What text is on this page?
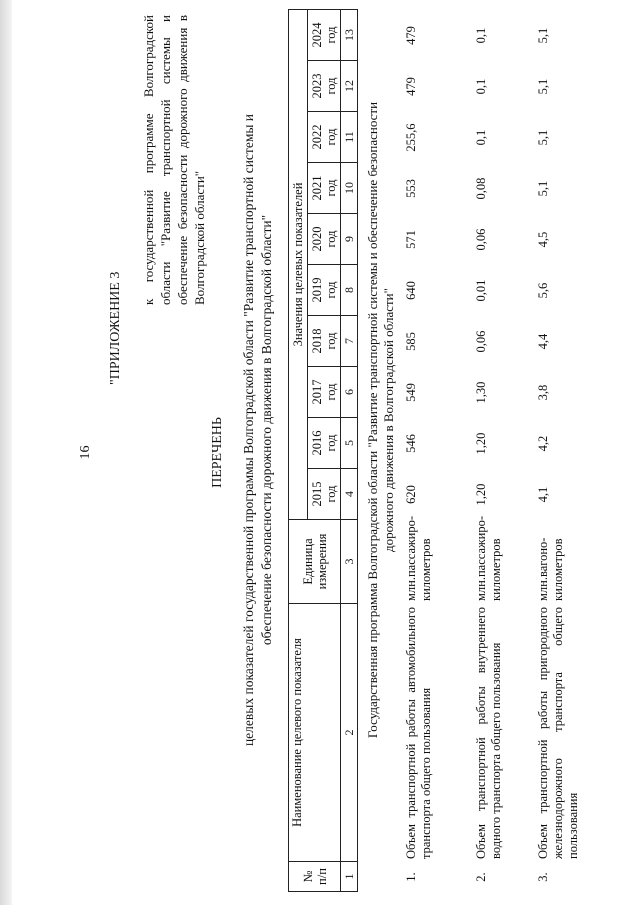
16
"ПРИЛОЖЕНИЕ 3
к государственной программе Волгоградской области "Развитие транспортной системы и обеспечение безопасности дорожного движения в Волгоградской области"
ПЕРЕЧЕНЬ целевых показателей государственной программы Волгоградской области "Развитие транспортной системы и обеспечение безопасности дорожного движения в Волгоградской области"
№ п/п	Наименование целевого показателя	Единица измерения	Значения целевых показателей									
			2015 год	2016 год	2017 год	2018 год	2019 год	2020 год	2021 год	2022 год	2023 год	2024 год
1	2	3	4	5	6	7	8	9	10	11	12	13
Государственная программа Волгоградской области "Развитие транспортной системы и обеспечение безопасности дорожного движения в Волгоградской области"
1.	Объем транспортной работы автомобильного транспорта общего пользования	млн.пассажиро-километров	620	546	549	585	640	571	553	255,6	479	479
2.	Объем транспортной работы внутреннего водного транспорта общего пользования	млн.пассажиро-километров	1,20	1,20	1,30	0,06	0,01	0,06	0,08	0,1	0,1	0,1
3.	Объем транспортной работы пригородного железнодорожного транспорта общего пользования	млн.вагоно-километров	4,1	4,2	3,8	4,4	5,6	4,5	5,1	5,1	5,1	5,1
